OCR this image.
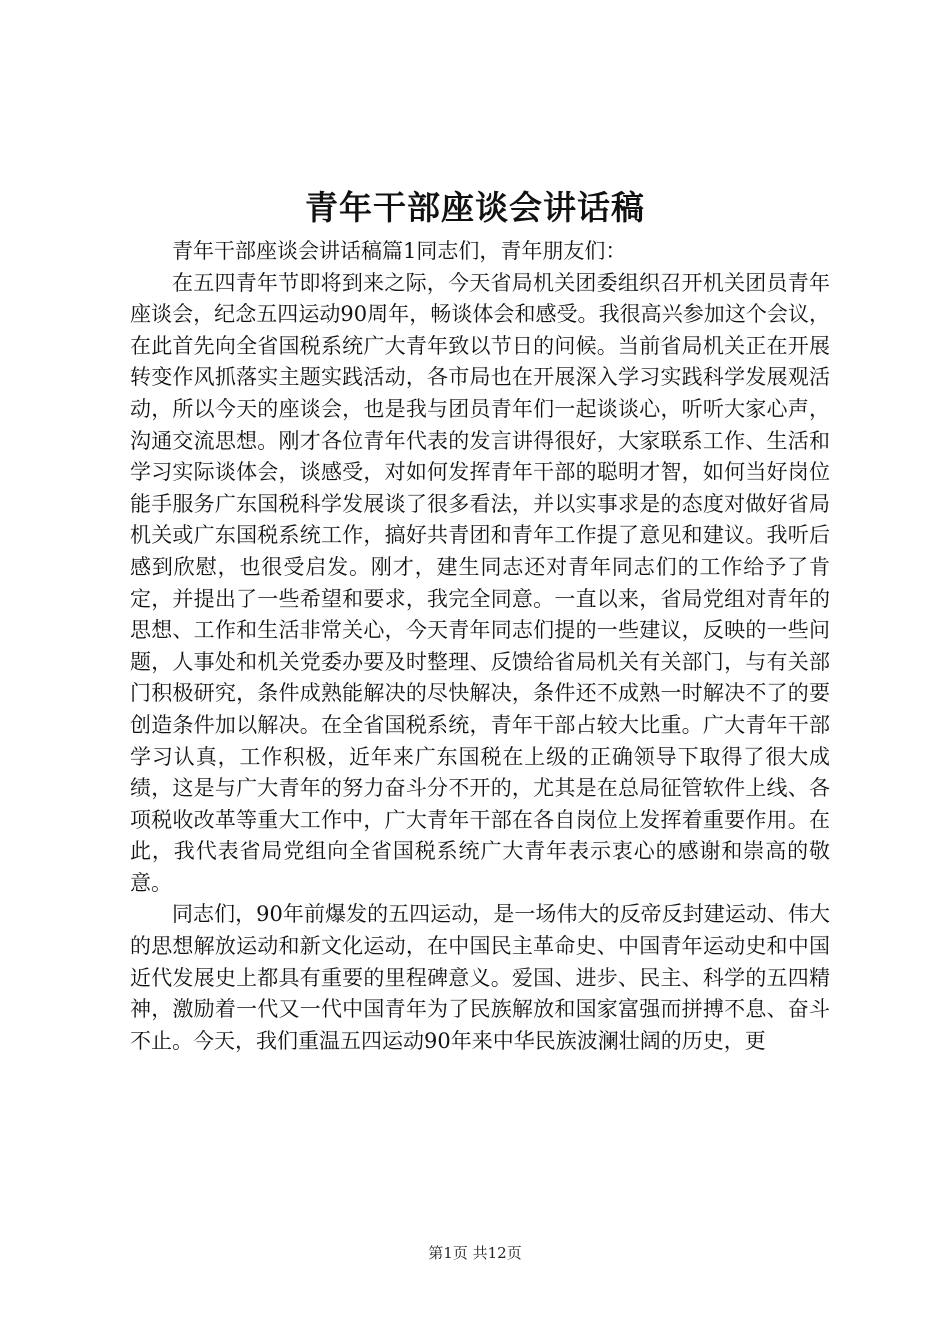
青年干部座谈会讲话稿

青年干部座谈会讲话稿篇1同志们，青年朋友们：

在五四青年节即将到来之际，今天省局机关团委组织召开机关团员青年座谈会，纪念五四运动90周年，畅谈体会和感受。我很高兴参加这个会议，在此首先向全省国税系统广大青年致以节日的问候。当前省局机关正在开展转变作风抓落实主题实践活动，各市局也在开展深入学习实践科学发展观活动，所以今天的座谈会，也是我与团员青年们一起谈谈心，听听大家心声，沟通交流思想。刚才各位青年代表的发言讲得很好，大家联系工作、生活和学习实际谈体会，谈感受，对如何发挥青年干部的聪明才智，如何当好岗位能手服务广东国税科学发展谈了很多看法，并以实事求是的态度对做好省局机关或广东国税系统工作，搞好共青团和青年工作提了意见和建议。我听后感到欣慰，也很受启发。刚才，建生同志还对青年同志们的工作给予了肯定，并提出了一些希望和要求，我完全同意。一直以来，省局党组对青年的思想、工作和生活非常关心，今天青年同志们提的一些建议，反映的一些问题，人事处和机关党委办要及时整理、反馈给省局机关有关部门，与有关部门积极研究，条件成熟能解决的尽快解决，条件还不成熟一时解决不了的要创造条件加以解决。在全省国税系统，青年干部占较大比重。广大青年干部学习认真，工作积极，近年来广东国税在上级的正确领导下取得了很大成绩，这是与广大青年的努力奋斗分不开的，尤其是在总局征管软件上线、各项税收改革等重大工作中，广大青年干部在各自岗位上发挥着重要作用。在此，我代表省局党组向全省国税系统广大青年表示衷心的感谢和崇高的敬意。

同志们，90年前爆发的五四运动，是一场伟大的反帝反封建运动、伟大的思想解放运动和新文化运动，在中国民主革命史、中国青年运动史和中国近代发展史上都具有重要的里程碑意义。爱国、进步、民主、科学的五四精神，激励着一代又一代中国青年为了民族解放和国家富强而拼搏不息、奋斗不止。今天，我们重温五四运动90年来中华民族波澜壮阔的历史，更

第1页 共12页
